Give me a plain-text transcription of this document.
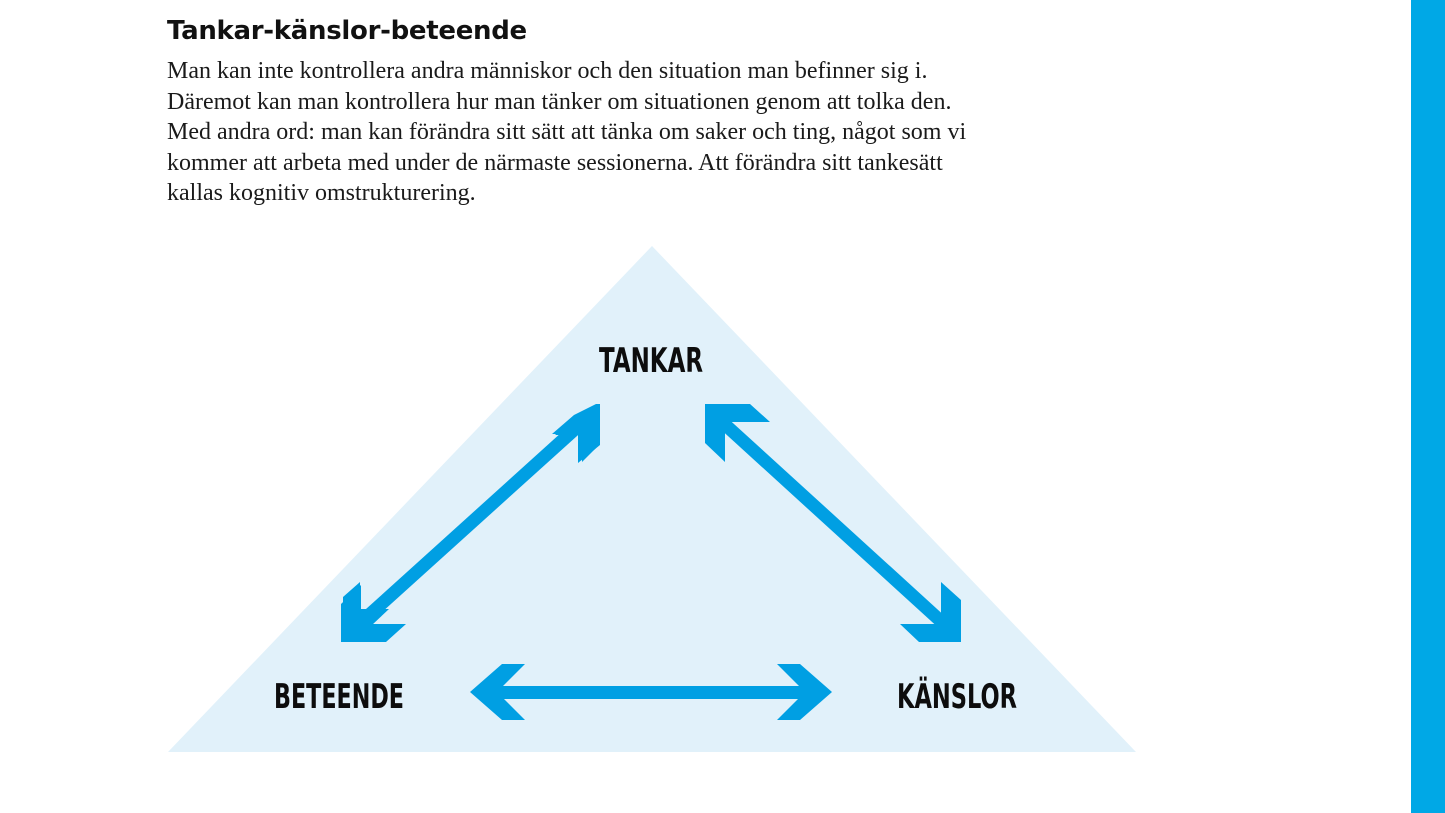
Tankar-känslor-beteende

Man kan inte kontrollera andra människor och den situation man befinner sig i.
Däremot kan man kontrollera hur man tänker om situationen genom att tolka den.
Med andra ord: man kan förändra sitt sätt att tänka om saker och ting, något som vi
kommer att arbeta med under de närmaste sessionerna. Att förändra sitt tankesätt
kallas kognitiv omstrukturering.

TANKAR
BETEENDE	KÄNSLOR
